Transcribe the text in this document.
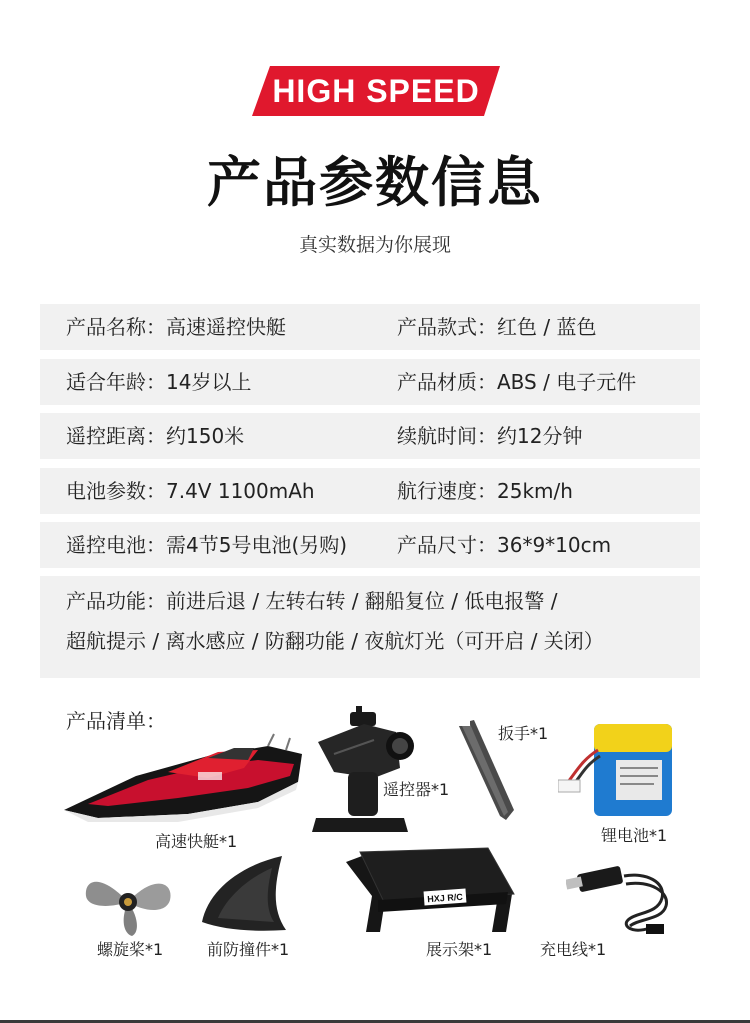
HIGH SPEED
产品参数信息
真实数据为你展现
产品名称：高速遥控快艇	产品款式：红色 / 蓝色
适合年龄：14岁以上	产品材质：ABS / 电子元件
遥控距离：约150米	续航时间：约12分钟
电池参数：7.4V 1100mAh	航行速度：25km/h
遥控电池：需4节5号电池(另购) 产品尺寸：36*9*10cm
产品功能：前进后退 / 左转右转 / 翻船复位 / 低电报警 /
超航提示 / 离水感应 / 防翻功能 / 夜航灯光（可开启 / 关闭）
产品清单：
高速快艇*1
遥控器*1
扳手*1
锂电池*1
螺旋桨*1	前防撞件*1
HXJ R/C
展示架*1	充电线*1
